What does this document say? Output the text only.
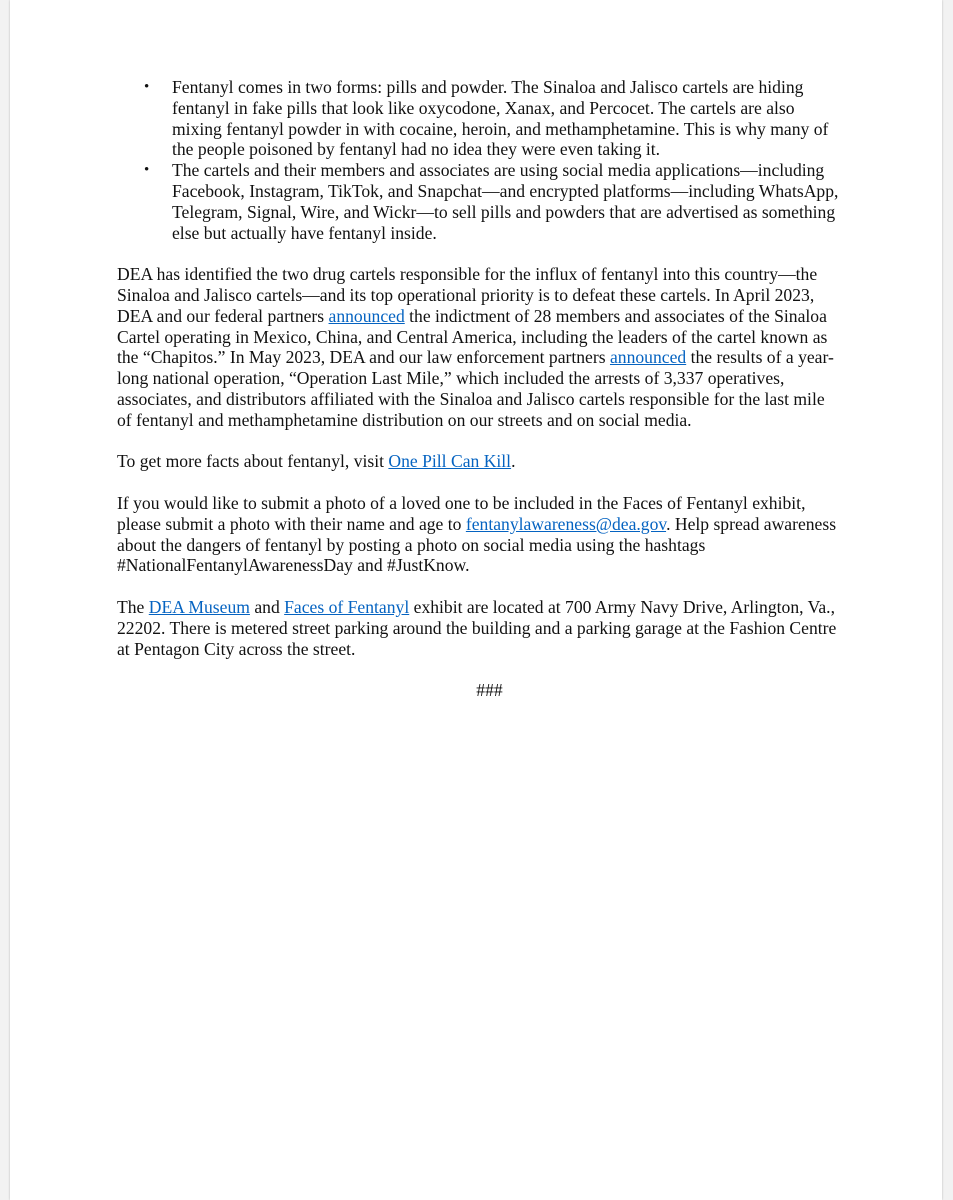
• Fentanyl comes in two forms: pills and powder. The Sinaloa and Jalisco cartels are hiding fentanyl in fake pills that look like oxycodone, Xanax, and Percocet. The cartels are also mixing fentanyl powder in with cocaine, heroin, and methamphetamine. This is why many of the people poisoned by fentanyl had no idea they were even taking it.
• The cartels and their members and associates are using social media applications—including Facebook, Instagram, TikTok, and Snapchat—and encrypted platforms—including WhatsApp, Telegram, Signal, Wire, and Wickr—to sell pills and powders that are advertised as something else but actually have fentanyl inside.

DEA has identified the two drug cartels responsible for the influx of fentanyl into this country—the Sinaloa and Jalisco cartels—and its top operational priority is to defeat these cartels. In April 2023, DEA and our federal partners announced the indictment of 28 members and associates of the Sinaloa Cartel operating in Mexico, China, and Central America, including the leaders of the cartel known as the “Chapitos.” In May 2023, DEA and our law enforcement partners announced the results of a year-long national operation, “Operation Last Mile,” which included the arrests of 3,337 operatives, associates, and distributors affiliated with the Sinaloa and Jalisco cartels responsible for the last mile of fentanyl and methamphetamine distribution on our streets and on social media.

To get more facts about fentanyl, visit One Pill Can Kill.

If you would like to submit a photo of a loved one to be included in the Faces of Fentanyl exhibit, please submit a photo with their name and age to fentanylawareness@dea.gov. Help spread awareness about the dangers of fentanyl by posting a photo on social media using the hashtags #NationalFentanylAwarenessDay and #JustKnow.

The DEA Museum and Faces of Fentanyl exhibit are located at 700 Army Navy Drive, Arlington, Va., 22202. There is metered street parking around the building and a parking garage at the Fashion Centre at Pentagon City across the street.

###
